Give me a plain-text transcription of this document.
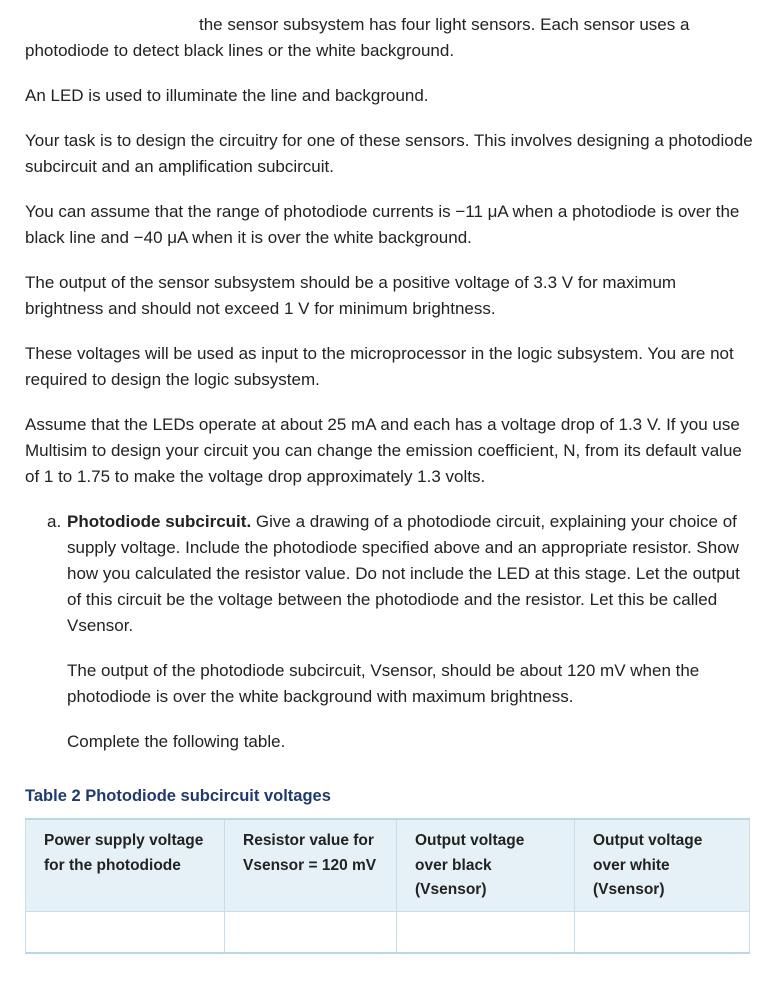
the sensor subsystem has four light sensors. Each sensor uses a photodiode to detect black lines or the white background.

An LED is used to illuminate the line and background.

Your task is to design the circuitry for one of these sensors. This involves designing a photodiode subcircuit and an amplification subcircuit.

You can assume that the range of photodiode currents is −11 μA when a photodiode is over the black line and −40 μA when it is over the white background.

The output of the sensor subsystem should be a positive voltage of 3.3 V for maximum brightness and should not exceed 1 V for minimum brightness.

These voltages will be used as input to the microprocessor in the logic subsystem. You are not required to design the logic subsystem.

Assume that the LEDs operate at about 25 mA and each has a voltage drop of 1.3 V. If you use Multisim to design your circuit you can change the emission coefficient, N, from its default value of 1 to 1.75 to make the voltage drop approximately 1.3 volts.

a. Photodiode subcircuit. Give a drawing of a photodiode circuit, explaining your choice of supply voltage. Include the photodiode specified above and an appropriate resistor. Show how you calculated the resistor value. Do not include the LED at this stage. Let the output of this circuit be the voltage between the photodiode and the resistor. Let this be called Vsensor.

The output of the photodiode subcircuit, Vsensor, should be about 120 mV when the photodiode is over the white background with maximum brightness.

Complete the following table.

Table 2 Photodiode subcircuit voltages
Power supply voltage for the photodiode	Resistor value for Vsensor = 120 mV	Output voltage over black (Vsensor)	Output voltage over white (Vsensor)
